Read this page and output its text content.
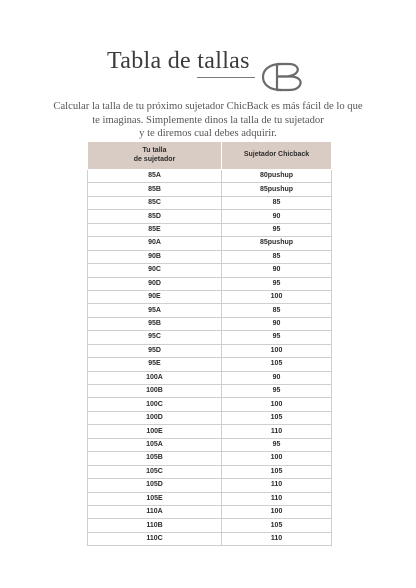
Tabla de tallas
Calcular la talla de tu próximo sujetador ChicBack es más fácil de lo que
te imaginas. Simplemente dinos la talla de tu sujetador
y te diremos cual debes adquirir.
Tu talla
de sujetador	Sujetador Chicback
85A	80pushup
85B	85pushup
85C	85
85D	90
85E	95
90A	85pushup
90B	85
90C	90
90D	95
90E	100
95A	85
95B	90
95C	95
95D	100
95E	105
100A	90
100B	95
100C	100
100D	105
100E	110
105A	95
105B	100
105C	105
105D	110
105E	110
110A	100
110B	105
110C	110
